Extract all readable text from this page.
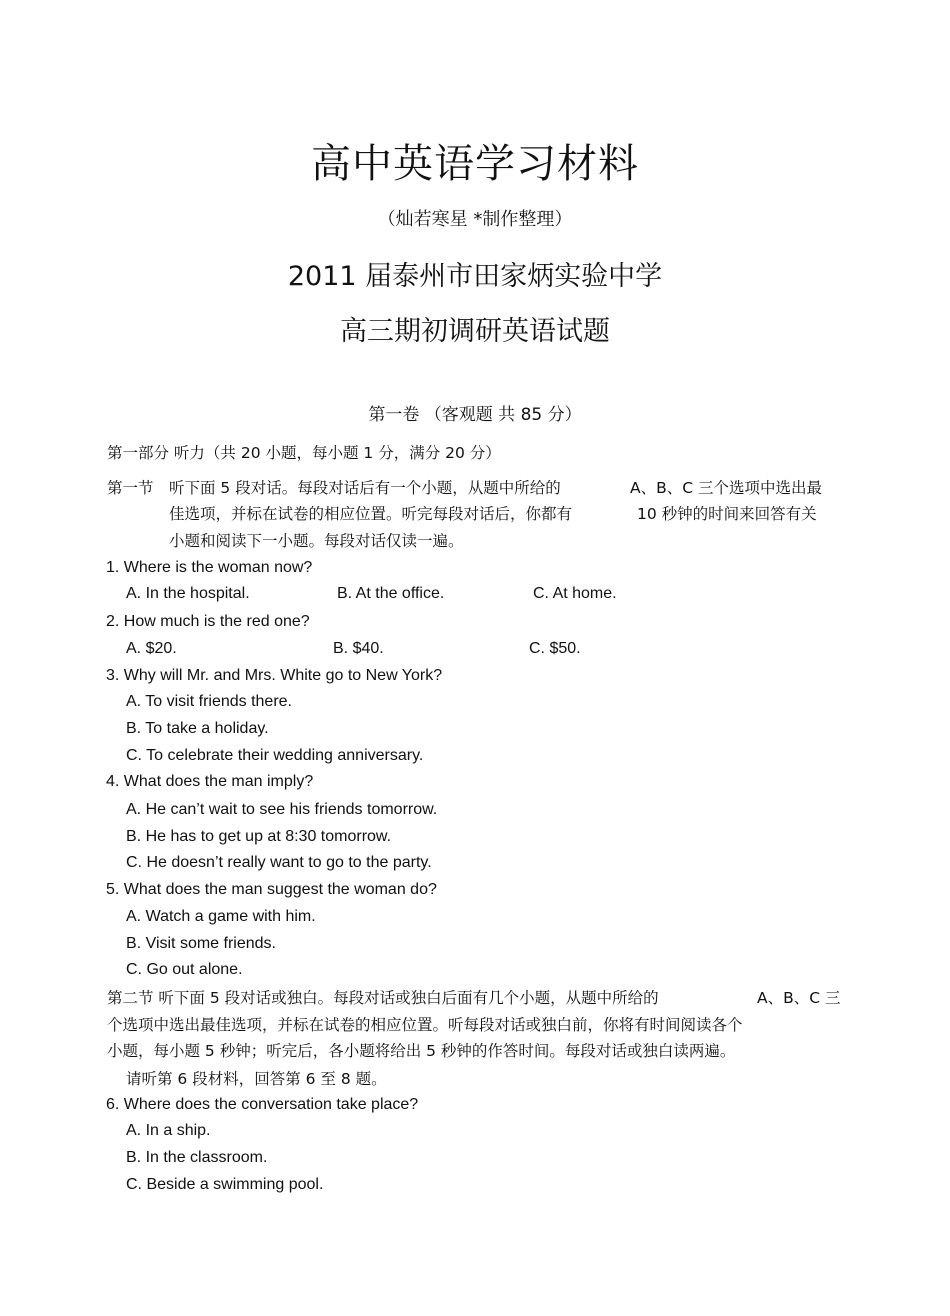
高中英语学习材料
（灿若寒星 *制作整理）
2011 届泰州市田家炳实验中学
高三期初调研英语试题
第一卷 （客观题 共 85 分）
第一部分 听力（共 20 小题，每小题 1 分，满分 20 分）
第一节 听下面 5 段对话。每段对话后有一个小题，从题中所给的	A、B、C 三个选项中选出最
佳选项，并标在试卷的相应位置。听完每段对话后，你都有	10 秒钟的时间来回答有关
小题和阅读下一小题。每段对话仅读一遍。
1. Where is the woman now?
A. In the hospital.	B. At the office.	C. At home.
2. How much is the red one?
A. $20.	B. $40.	C. $50.
3. Why will Mr. and Mrs. White go to New York?
A. To visit friends there.
B. To take a holiday.
C. To celebrate their wedding anniversary.
4. What does the man imply?
A. He can’t wait to see his friends tomorrow.
B. He has to get up at 8:30 tomorrow.
C. He doesn’t really want to go to the party.
5. What does the man suggest the woman do?
A. Watch a game with him.
B. Visit some friends.
C. Go out alone.
第二节 听下面 5 段对话或独白。每段对话或独白后面有几个小题，从题中所给的	A、B、C 三
个选项中选出最佳选项，并标在试卷的相应位置。听每段对话或独白前，你将有时间阅读各个
小题，每小题 5 秒钟；听完后，各小题将给出 5 秒钟的作答时间。每段对话或独白读两遍。
请听第 6 段材料，回答第 6 至 8 题。
6. Where does the conversation take place?
A. In a ship.
B. In the classroom.
C. Beside a swimming pool.
